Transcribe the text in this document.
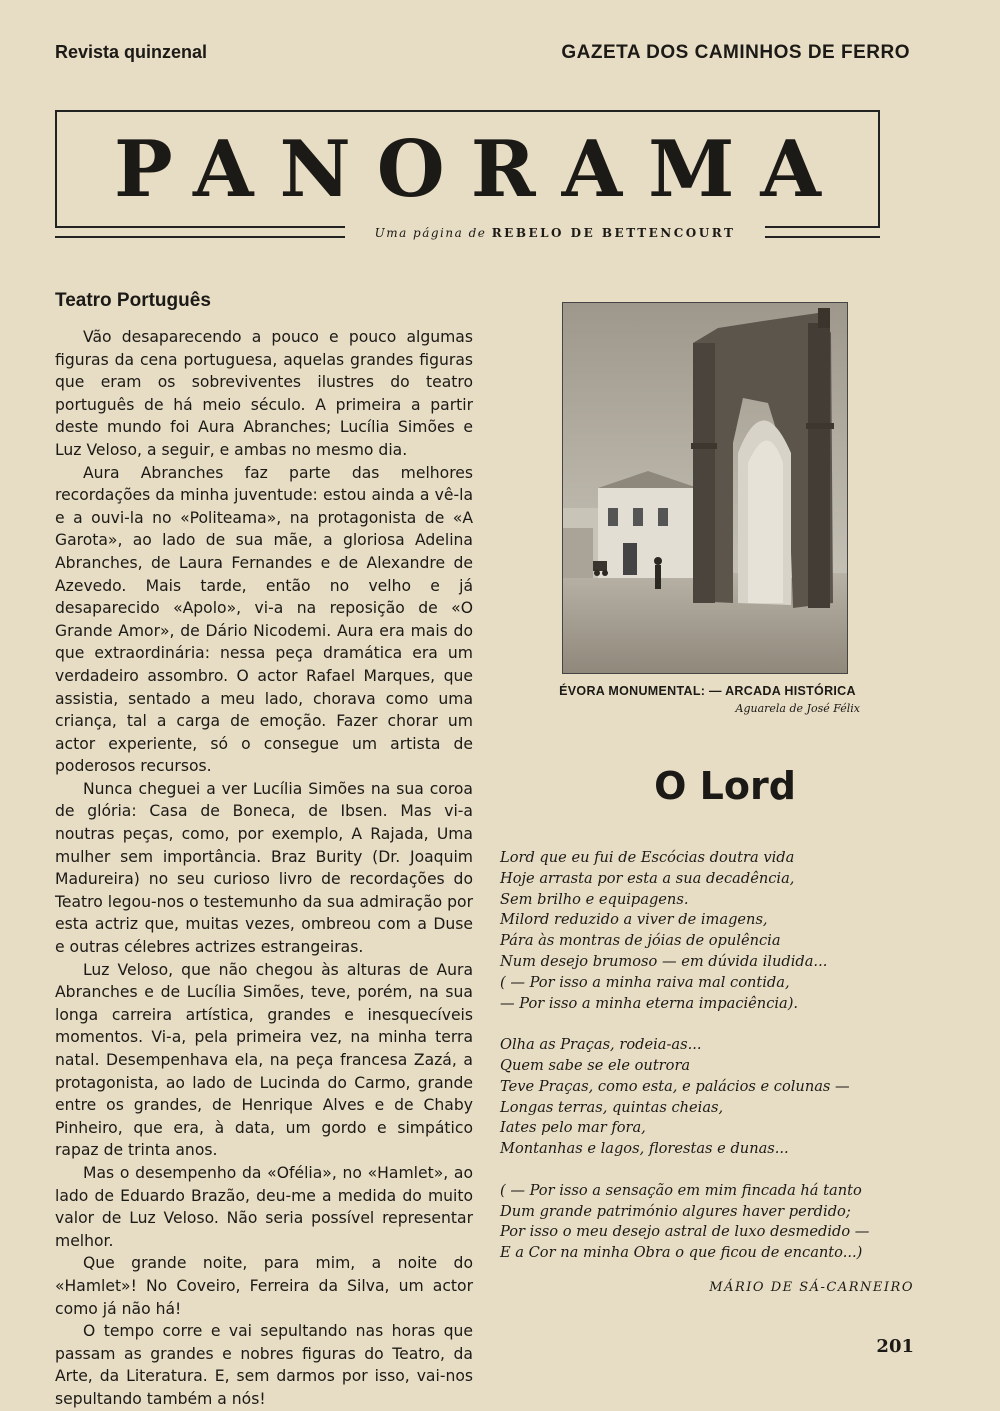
Revista quinzenal	GAZETA DOS CAMINHOS DE FERRO
PANORAMA
Uma página de REBELO DE BETTENCOURT
Teatro Português

Vão desaparecendo a pouco e pouco algumas figuras da cena portuguesa, aquelas grandes figuras que eram os sobreviventes ilustres do teatro português de há meio século. A primeira a partir deste mundo foi Aura Abranches; Lucília Simões e Luz Veloso, a seguir, e ambas no mesmo dia.

Aura Abranches faz parte das melhores recordações da minha juventude: estou ainda a vê-la e a ouvi-la no «Politeama», na protagonista de «A Garota», ao lado de sua mãe, a gloriosa Adelina Abranches, de Laura Fernandes e de Alexandre de Azevedo. Mais tarde, então no velho e já desaparecido «Apolo», vi-a na reposição de «O Grande Amor», de Dário Nicodemi. Aura era mais do que extraordinária: nessa peça dramática era um verdadeiro assombro. O actor Rafael Marques, que assistia, sentado a meu lado, chorava como uma criança, tal a carga de emoção. Fazer chorar um actor experiente, só o consegue um artista de poderosos recursos.

Nunca cheguei a ver Lucília Simões na sua coroa de glória: Casa de Boneca, de Ibsen. Mas vi-a noutras peças, como, por exemplo, A Rajada, Uma mulher sem importância. Braz Burity (Dr. Joaquim Madureira) no seu curioso livro de recordações do Teatro legou-nos o testemunho da sua admiração por esta actriz que, muitas vezes, ombreou com a Duse e outras célebres actrizes estrangeiras.

Luz Veloso, que não chegou às alturas de Aura Abranches e de Lucília Simões, teve, porém, na sua longa carreira artística, grandes e inesquecíveis momentos. Vi-a, pela primeira vez, na minha terra natal. Desempenhava ela, na peça francesa Zazá, a protagonista, ao lado de Lucinda do Carmo, grande entre os grandes, de Henrique Alves e de Chaby Pinheiro, que era, à data, um gordo e simpático rapaz de trinta anos.

Mas o desempenho da «Ofélia», no «Hamlet», ao lado de Eduardo Brazão, deu-me a medida do muito valor de Luz Veloso. Não seria possível representar melhor.

Que grande noite, para mim, a noite do «Hamlet»! No Coveiro, Ferreira da Silva, um actor como já não há!

O tempo corre e vai sepultando nas horas que passam as grandes e nobres figuras do Teatro, da Arte, da Literatura. E, sem darmos por isso, vai-nos sepultando também a nós!

ÉVORA MONUMENTAL: — ARCADA HISTÓRICA
Aguarela de José Félix
O Lord
Lord que eu fui de Escócias doutra vida
Hoje arrasta por esta a sua decadência,
Sem brilho e equipagens.
Milord reduzido a viver de imagens,
Pára às montras de jóias de opulência
Num desejo brumoso — em dúvida iludida...
( — Por isso a minha raiva mal contida,
— Por isso a minha eterna impaciência).
Olha as Praças, rodeia-as...
Quem sabe se ele outrora
Teve Praças, como esta, e palácios e colunas —
Longas terras, quintas cheias,
Iates pelo mar fora,
Montanhas e lagos, florestas e dunas...
( — Por isso a sensação em mim fincada há tanto
Dum grande património algures haver perdido;
Por isso o meu desejo astral de luxo desmedido —
E a Cor na minha Obra o que ficou de encanto...)
MÁRIO DE SÁ-CARNEIRO
201
